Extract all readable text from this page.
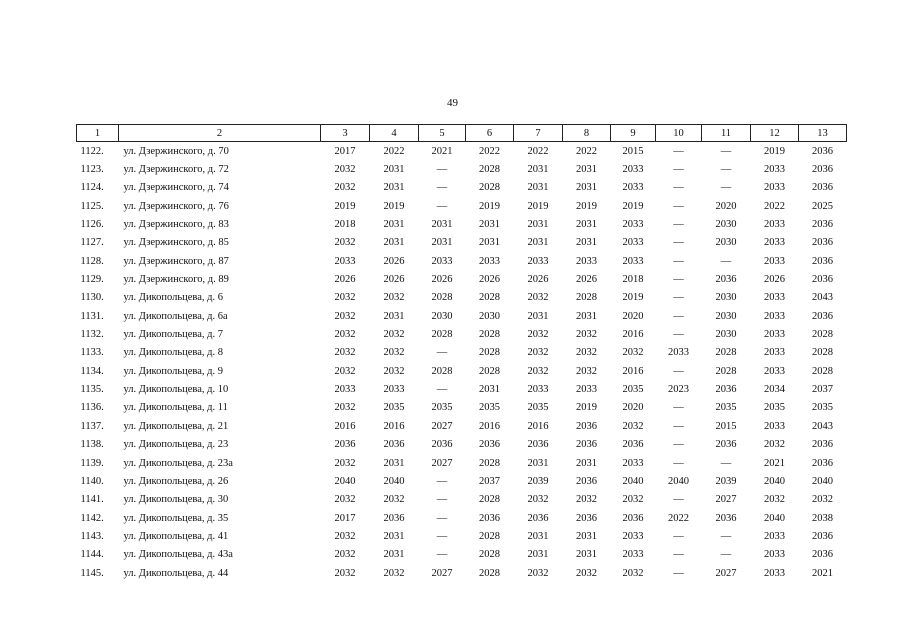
49
1	2	3	4	5	6	7	8	9	10	11	12	13
1122.	ул. Дзержинского, д. 70	2017	2022	2021	2022	2022	2022	2015	—	—	2019	2036
1123.	ул. Дзержинского, д. 72	2032	2031	—	2028	2031	2031	2033	—	—	2033	2036
1124.	ул. Дзержинского, д. 74	2032	2031	—	2028	2031	2031	2033	—	—	2033	2036
1125.	ул. Дзержинского, д. 76	2019	2019	—	2019	2019	2019	2019	—	2020	2022	2025
1126.	ул. Дзержинского, д. 83	2018	2031	2031	2031	2031	2031	2033	—	2030	2033	2036
1127.	ул. Дзержинского, д. 85	2032	2031	2031	2031	2031	2031	2033	—	2030	2033	2036
1128.	ул. Дзержинского, д. 87	2033	2026	2033	2033	2033	2033	2033	—	—	2033	2036
1129.	ул. Дзержинского, д. 89	2026	2026	2026	2026	2026	2026	2018	—	2036	2026	2036
1130.	ул. Дикопольцева, д. 6	2032	2032	2028	2028	2032	2028	2019	—	2030	2033	2043
1131.	ул. Дикопольцева, д. 6а	2032	2031	2030	2030	2031	2031	2020	—	2030	2033	2036
1132.	ул. Дикопольцева, д. 7	2032	2032	2028	2028	2032	2032	2016	—	2030	2033	2028
1133.	ул. Дикопольцева, д. 8	2032	2032	—	2028	2032	2032	2032	2033	2028	2033	2028
1134.	ул. Дикопольцева, д. 9	2032	2032	2028	2028	2032	2032	2016	—	2028	2033	2028
1135.	ул. Дикопольцева, д. 10	2033	2033	—	2031	2033	2033	2035	2023	2036	2034	2037
1136.	ул. Дикопольцева, д. 11	2032	2035	2035	2035	2035	2019	2020	—	2035	2035	2035
1137.	ул. Дикопольцева, д. 21	2016	2016	2027	2016	2016	2036	2032	—	2015	2033	2043
1138.	ул. Дикопольцева, д. 23	2036	2036	2036	2036	2036	2036	2036	—	2036	2032	2036
1139.	ул. Дикопольцева, д. 23а	2032	2031	2027	2028	2031	2031	2033	—	—	2021	2036
1140.	ул. Дикопольцева, д. 26	2040	2040	—	2037	2039	2036	2040	2040	2039	2040	2040
1141.	ул. Дикопольцева, д. 30	2032	2032	—	2028	2032	2032	2032	—	2027	2032	2032
1142.	ул. Дикопольцева, д. 35	2017	2036	—	2036	2036	2036	2036	2022	2036	2040	2038
1143.	ул. Дикопольцева, д. 41	2032	2031	—	2028	2031	2031	2033	—	—	2033	2036
1144.	ул. Дикопольцева, д. 43а	2032	2031	—	2028	2031	2031	2033	—	—	2033	2036
1145.	ул. Дикопольцева, д. 44	2032	2032	2027	2028	2032	2032	2032	—	2027	2033	2021
